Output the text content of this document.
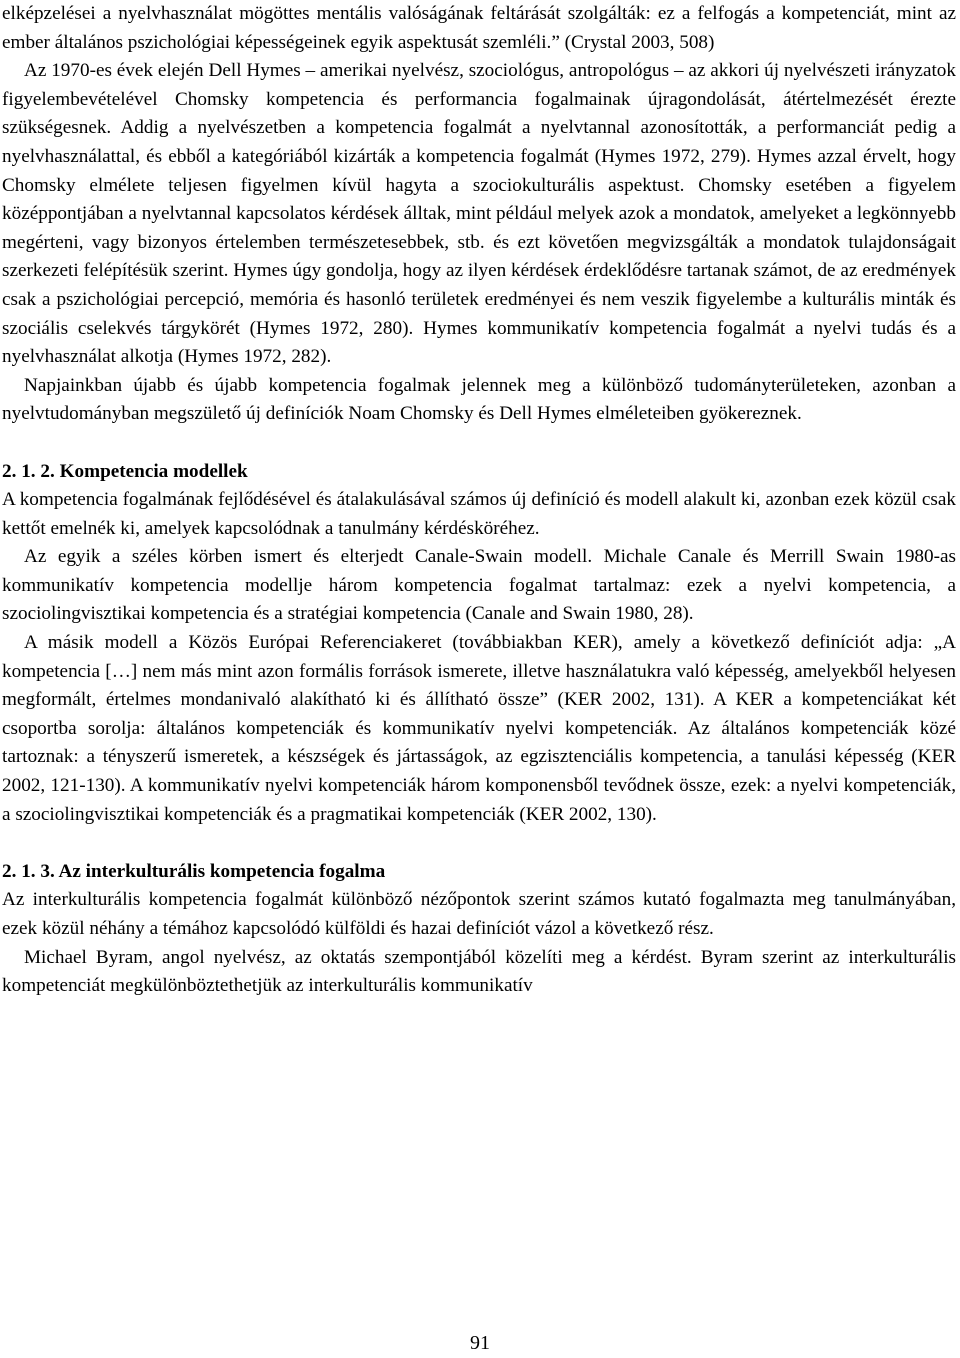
elképzelései a nyelvhasználat mögöttes mentális valóságának feltárását szolgálták: ez a felfogás a kompetenciát, mint az ember általános pszichológiai képességeinek egyik aspektusát szemléli.” (Crystal 2003, 508)

Az 1970-es évek elején Dell Hymes – amerikai nyelvész, szociológus, antropológus – az akkori új nyelvészeti irányzatok figyelembevételével Chomsky kompetencia és performancia fogalmainak újragondolását, átértelmezését érezte szükségesnek. Addig a nyelvészetben a kompetencia fogalmát a nyelvtannal azonosították, a performanciát pedig a nyelvhasználattal, és ebből a kategóriából kizárták a kompetencia fogalmát (Hymes 1972, 279). Hymes azzal érvelt, hogy Chomsky elmélete teljesen figyelmen kívül hagyta a szociokulturális aspektust. Chomsky esetében a figyelem középpontjában a nyelvtannal kapcsolatos kérdések álltak, mint például melyek azok a mondatok, amelyeket a legkönnyebb megérteni, vagy bizonyos értelemben természetesebbek, stb. és ezt követően megvizsgálták a mondatok tulajdonságait szerkezeti felépítésük szerint. Hymes úgy gondolja, hogy az ilyen kérdések érdeklődésre tartanak számot, de az eredmények csak a pszichológiai percepció, memória és hasonló területek eredményei és nem veszik figyelembe a kulturális minták és szociális cselekvés tárgykörét (Hymes 1972, 280). Hymes kommunikatív kompetencia fogalmát a nyelvi tudás és a nyelvhasználat alkotja (Hymes 1972, 282).

Napjainkban újabb és újabb kompetencia fogalmak jelennek meg a különböző tudományterületeken, azonban a nyelvtudományban megszülető új definíciók Noam Chomsky és Dell Hymes elméleteiben gyökereznek.

2. 1. 2. Kompetencia modellek

A kompetencia fogalmának fejlődésével és átalakulásával számos új definíció és modell alakult ki, azonban ezek közül csak kettőt emelnék ki, amelyek kapcsolódnak a tanulmány kérdésköréhez.

Az egyik a széles körben ismert és elterjedt Canale-Swain modell. Michale Canale és Merrill Swain 1980-as kommunikatív kompetencia modellje három kompetencia fogalmat tartalmaz: ezek a nyelvi kompetencia, a szociolingvisztikai kompetencia és a stratégiai kompetencia (Canale and Swain 1980, 28).

A másik modell a Közös Európai Referenciakeret (továbbiakban KER), amely a következő definíciót adja: „A kompetencia […] nem más mint azon formális források ismerete, illetve használatukra való képesség, amelyekből helyesen megformált, értelmes mondanivaló alakítható ki és állítható össze” (KER 2002, 131). A KER a kompetenciákat két csoportba sorolja: általános kompetenciák és kommunikatív nyelvi kompetenciák. Az általános kompetenciák közé tartoznak: a tényszerű ismeretek, a készségek és jártasságok, az egzisztenciális kompetencia, a tanulási képesség (KER 2002, 121-130). A kommunikatív nyelvi kompetenciák három komponensből tevődnek össze, ezek: a nyelvi kompetenciák, a szociolingvisztikai kompetenciák és a pragmatikai kompetenciák (KER 2002, 130).

2. 1. 3. Az interkulturális kompetencia fogalma

Az interkulturális kompetencia fogalmát különböző nézőpontok szerint számos kutató fogalmazta meg tanulmányában, ezek közül néhány a témához kapcsolódó külföldi és hazai definíciót vázol a következő rész.

Michael Byram, angol nyelvész, az oktatás szempontjából közelíti meg a kérdést. Byram szerint az interkulturális kompetenciát megkülönböztethetjük az interkulturális kommunikatív

91
